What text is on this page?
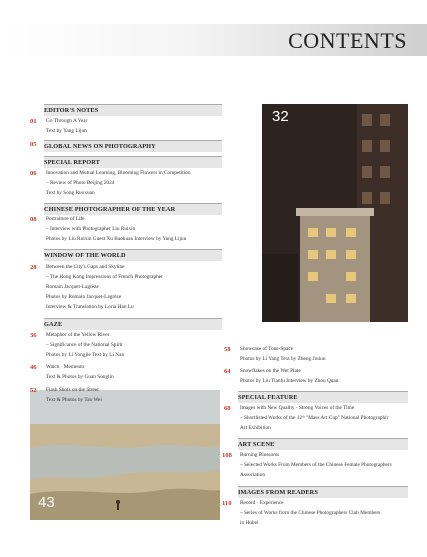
CONTENTS
32
43
EDITOR'S NOTES
01	Go Through A Year
Text by Yang Lijun
05	GLOBAL NEWS ON PHOTOGRAPHY
SPECIAL REPORT
06	Innovation and Mutual Learning, Blooming Flowers in Competition
– Review of Photo Beijing 2024
Text by Song Ruoxuan
CHINESE PHOTOGRAPHER OF THE YEAR
08	Portraiture of Life
– Interview with Photographer Liu Ruixin
Photos by Liu Ruixin Guest Xu Baokuan Interview by Yang Lijun
WINDOW OF THE WORLD
28	Between the City's Gaps and Skyline
– The Hong Kong Impressions of French Photographer
Romain Jacquet-Lagrèze
Photos by Romain Jacquet-Lagrèze
Interview & Translation by Loria Han Lu
GAZE
36	Metaphor of the Yellow River
– Significance of the National Spirit
Photos by Li Yongjie Text by Li Nan
46	Watch · Memento
Text & Photos by Guan Songlin
52	Flash Shots on the Street
Text & Photos by Tan Wei
58	Showcase of Tone-Space
Photos by Li Yang Text by Zheng Jiulun
64	Snowflakes on the Wet Plate
Photos by Liu Tianfu Interview by Zhou Quan
SPECIAL FEATURE
68	Images with New Quality · Strong Voices of the Time
– Shortlisted Works of the 12ᵗʰ "Mass Art Cup" National Photographic
Art Exhibition
ART SCENE
108	Burning Blossoms
– Selected Works From Members of the Chinese Female Photographers
Association
IMAGES FROM READERS
110	Record · Experience
– Series of Works from the Chinese Photographers Club Members
in Hubei
